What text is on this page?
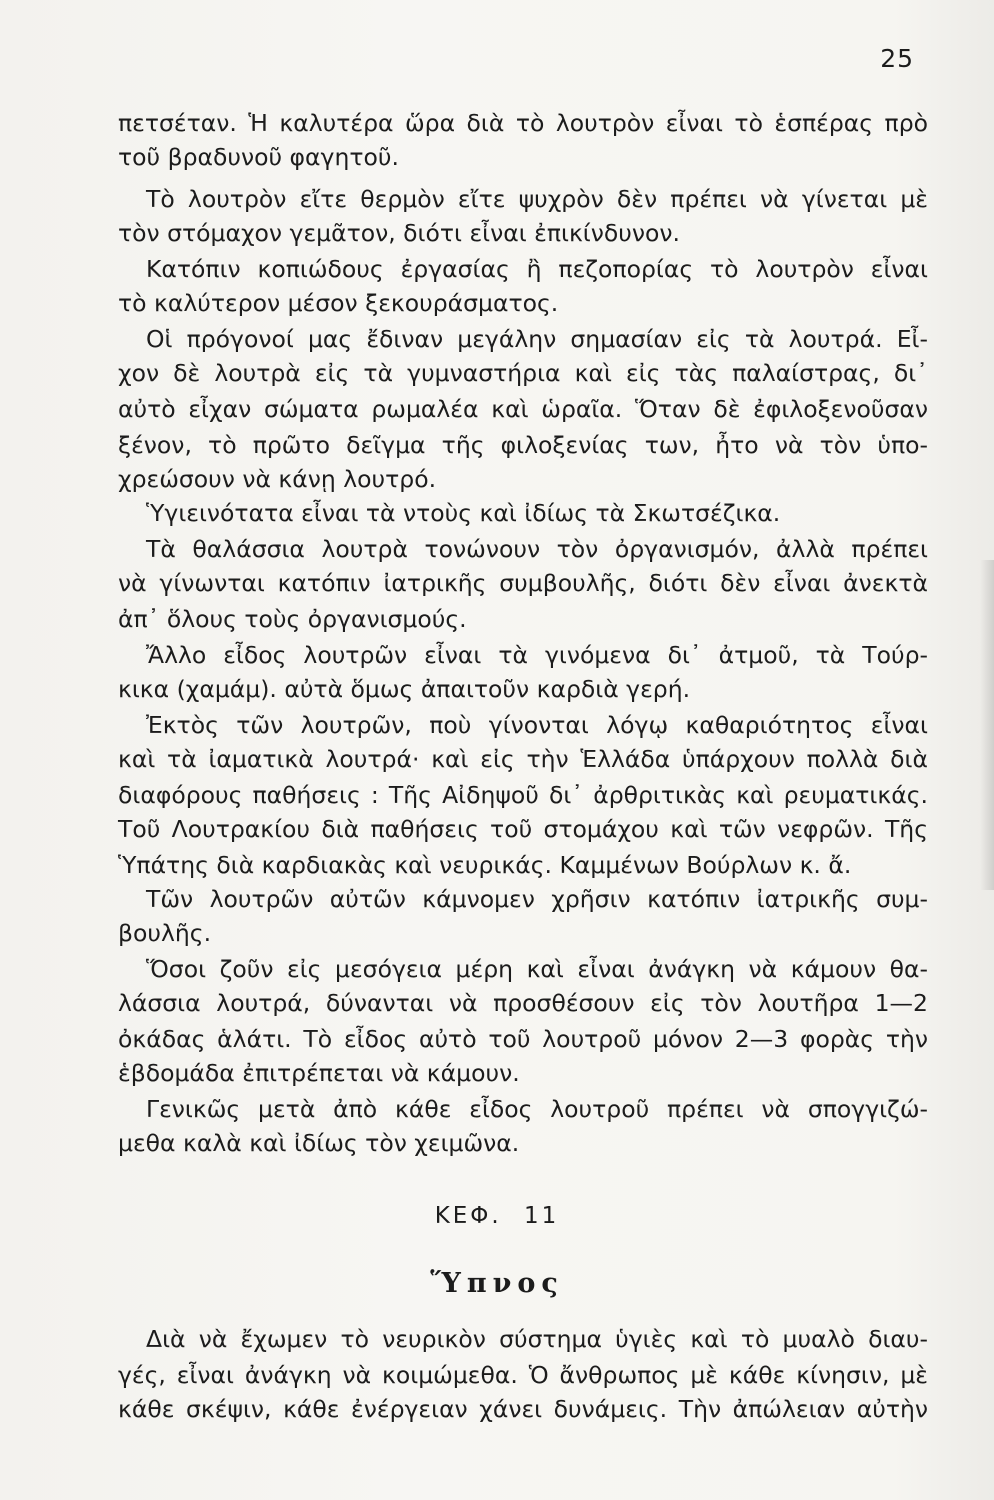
25
πετσέταν. Ἡ καλυτέρα ὥρα διὰ τὸ λουτρὸν εἶναι τὸ ἑσπέρας πρὸ
τοῦ βραδυνοῦ φαγητοῦ.
Τὸ λουτρὸν εἴτε θερμὸν εἴτε ψυχρὸν δὲν πρέπει νὰ γίνεται μὲ
τὸν στόμαχον γεμᾶτον, διότι εἶναι ἐπικίνδυνον.
Κατόπιν κοπιώδους ἐργασίας ἢ πεζοπορίας τὸ λουτρὸν εἶναι
τὸ καλύτερον μέσον ξεκουράσματος.
Οἱ πρόγονοί μας ἔδιναν μεγάλην σημασίαν εἰς τὰ λουτρά. Εἶ-
χον δὲ λουτρὰ εἰς τὰ γυμναστήρια καὶ εἰς τὰς παλαίστρας, δι᾽
αὐτὸ εἶχαν σώματα ρωμαλέα καὶ ὡραῖα. Ὅταν δὲ ἐφιλοξενοῦσαν
ξένον, τὸ πρῶτο δεῖγμα τῆς φιλοξενίας των, ἦτο νὰ τὸν ὑπο-
χρεώσουν νὰ κάνῃ λουτρό.
Ὑγιεινότατα εἶναι τὰ ντοὺς καὶ ἰδίως τὰ Σκωτσέζικα.
Τὰ θαλάσσια λουτρὰ τονώνουν τὸν ὀργανισμόν, ἀλλὰ πρέπει
νὰ γίνωνται κατόπιν ἰατρικῆς συμβουλῆς, διότι δὲν εἶναι ἀνεκτὰ
ἀπ᾽ ὅλους τοὺς ὀργανισμούς.
Ἄλλο εἶδος λουτρῶν εἶναι τὰ γινόμενα δι᾽ ἀτμοῦ, τὰ Τούρ-
κικα (χαμάμ). αὐτὰ ὅμως ἀπαιτοῦν καρδιὰ γερή.
Ἐκτὸς τῶν λουτρῶν, ποὺ γίνονται λόγῳ καθαριότητος εἶναι
καὶ τὰ ἰαματικὰ λουτρά· καὶ εἰς τὴν Ἑλλάδα ὑπάρχουν πολλὰ διὰ
διαφόρους παθήσεις : Τῆς Αἰδηψοῦ δι᾽ ἀρθριτικὰς καὶ ρευματικάς.
Τοῦ Λουτρακίου διὰ παθήσεις τοῦ στομάχου καὶ τῶν νεφρῶν. Τῆς
Ὑπάτης διὰ καρδιακὰς καὶ νευρικάς. Καμμένων Βούρλων κ. ἄ.
Τῶν λουτρῶν αὐτῶν κάμνομεν χρῆσιν κατόπιν ἰατρικῆς συμ-
βουλῆς.
Ὅσοι ζοῦν εἰς μεσόγεια μέρη καὶ εἶναι ἀνάγκη νὰ κάμουν θα-
λάσσια λουτρά, δύνανται νὰ προσθέσουν εἰς τὸν λουτῆρα 1—2
ὀκάδας ἁλάτι. Τὸ εἶδος αὐτὸ τοῦ λουτροῦ μόνον 2—3 φορὰς τὴν
ἑβδομάδα ἐπιτρέπεται νὰ κάμουν.
Γενικῶς μετὰ ἀπὸ κάθε εἶδος λουτροῦ πρέπει νὰ σπογγιζώ-
μεθα καλὰ καὶ ἰδίως τὸν χειμῶνα.
ΚΕΦ. 11
Ὕπνος
Διὰ νὰ ἔχωμεν τὸ νευρικὸν σύστημα ὑγιὲς καὶ τὸ μυαλὸ διαυ-
γές, εἶναι ἀνάγκη νὰ κοιμώμεθα. Ὁ ἄνθρωπος μὲ κάθε κίνησιν, μὲ
κάθε σκέψιν, κάθε ἐνέργειαν χάνει δυνάμεις. Τὴν ἀπώλειαν αὐτὴν
